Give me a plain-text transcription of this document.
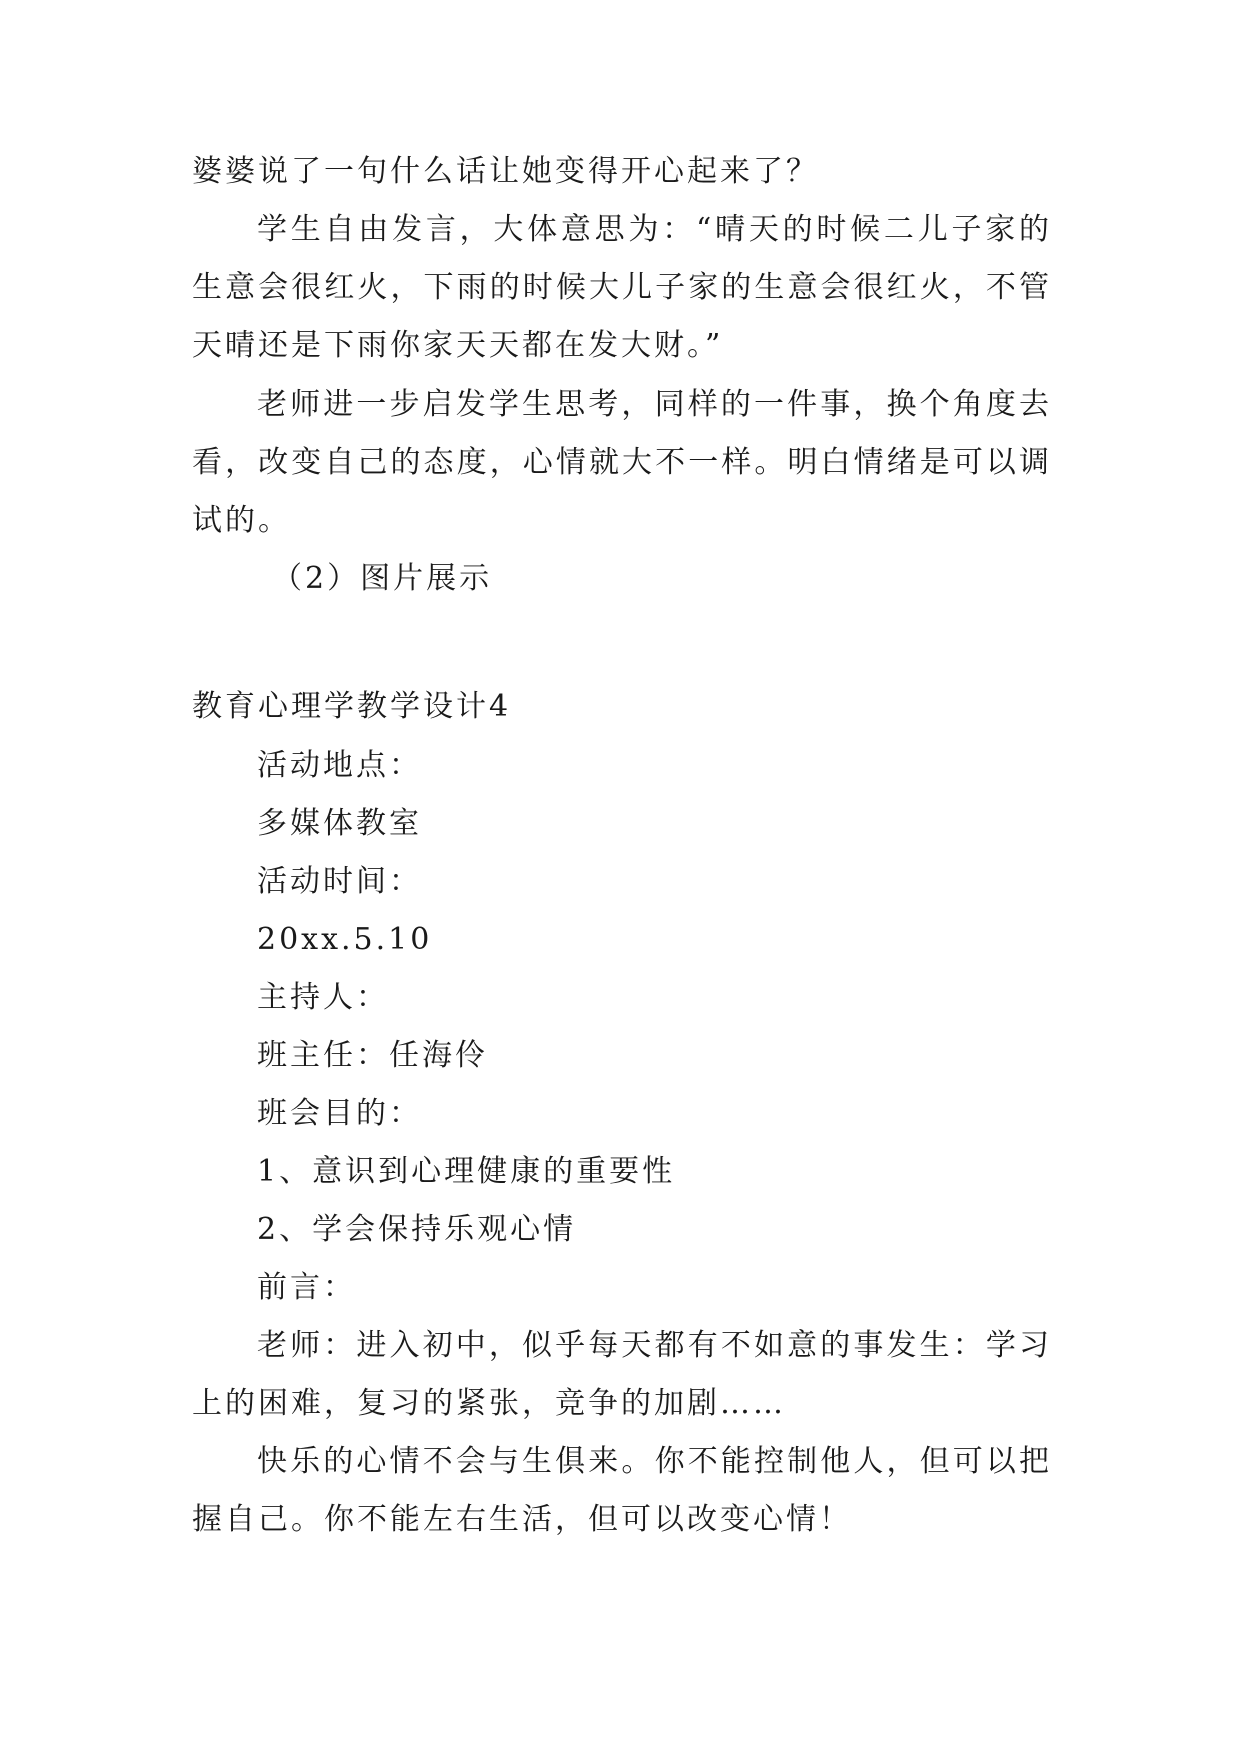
婆婆说了一句什么话让她变得开心起来了？
学生自由发言，大体意思为：“晴天的时候二儿子家的
生意会很红火，下雨的时候大儿子家的生意会很红火，不管
天晴还是下雨你家天天都在发大财。”
老师进一步启发学生思考，同样的一件事，换个角度去
看，改变自己的态度，心情就大不一样。明白情绪是可以调
试的。
（2）图片展示
教育心理学教学设计4
活动地点：
多媒体教室
活动时间：
20xx.5.10
主持人：
班主任：任海伶
班会目的：
1、意识到心理健康的重要性
2、学会保持乐观心情
前言：
老师：进入初中，似乎每天都有不如意的事发生：学习
上的困难，复习的紧张，竞争的加剧……
快乐的心情不会与生俱来。你不能控制他人，但可以把
握自己。你不能左右生活，但可以改变心情！
